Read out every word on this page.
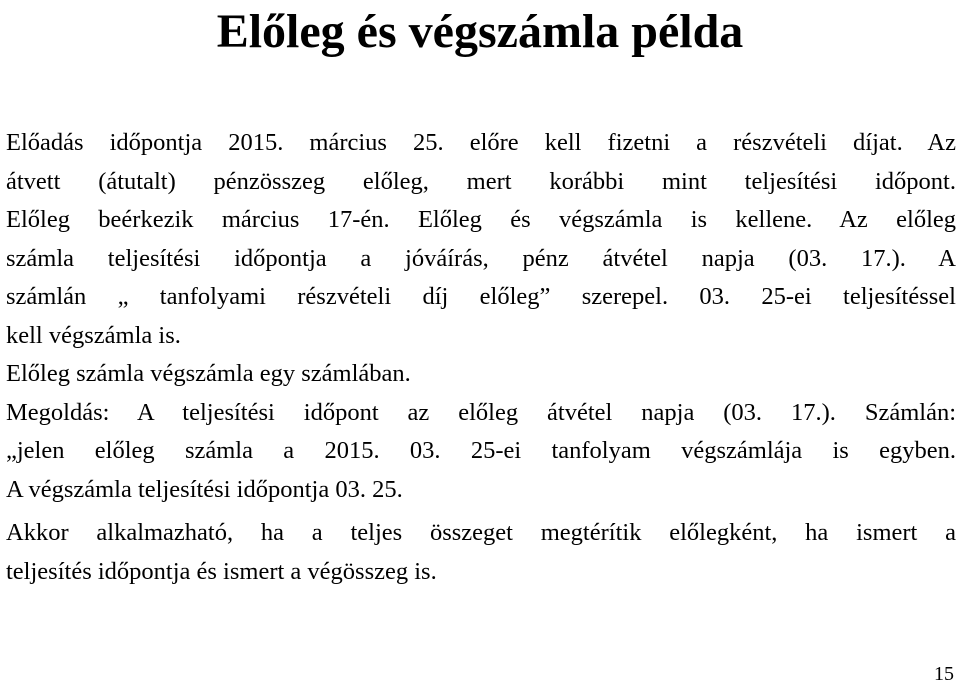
Előleg és végszámla példa

Előadás időpontja 2015. március 25. előre kell fizetni a részvételi díjat. Az
átvett (átutalt) pénzösszeg előleg, mert korábbi mint teljesítési időpont.
Előleg beérkezik március 17-én. Előleg és végszámla is kellene. Az előleg
számla teljesítési időpontja a jóváírás, pénz átvétel napja (03. 17.). A
számlán „ tanfolyami részvételi díj előleg” szerepel. 03. 25-ei teljesítéssel
kell végszámla is.

Előleg számla végszámla egy számlában.

Megoldás: A teljesítési időpont az előleg átvétel napja (03. 17.). Számlán:
„jelen előleg számla a 2015. 03. 25-ei tanfolyam végszámlája is egyben.
A végszámla teljesítési időpontja 03. 25.

Akkor alkalmazható, ha a teljes összeget megtérítik előlegként, ha ismert a
teljesítés időpontja és ismert a végösszeg is.

15
